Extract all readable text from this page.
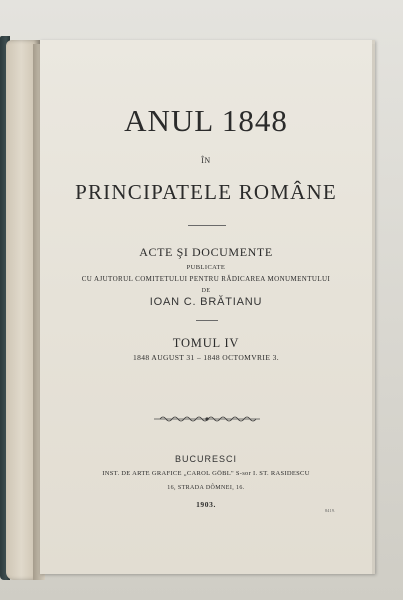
ANUL 1848
ÎN
PRINCIPATELE ROMÂNE
ACTE ŞI DOCUMENTE
PUBLICATE
CU AJUTORUL COMITETULUI PENTRU RĂDICAREA MONUMENTULUI
DE
IOAN C. BRĂTIANU
TOMUL IV
1848 AUGUST 31 – 1848 OCTOMVRIE 3.
BUCURESCI
INST. DE ARTE GRAFICE „CAROL GÖBL" S-sor I. ST. RASIDESCU
16, STRADA DÔMNEI, 16.
1903.
8419.
